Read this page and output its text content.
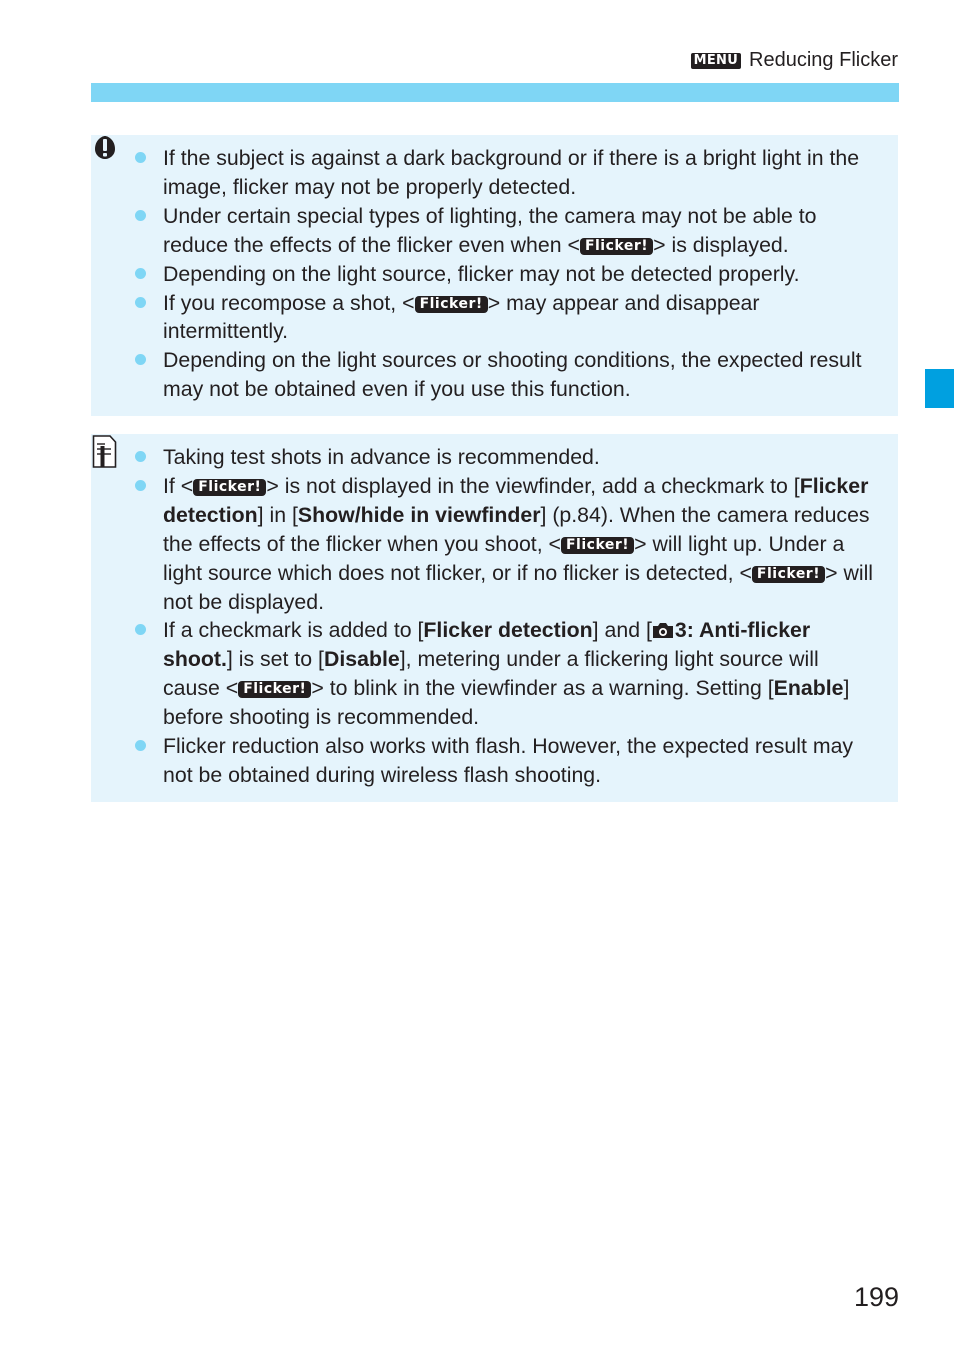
MENU Reducing Flicker
If the subject is against a dark background or if there is a bright light in the image, flicker may not be properly detected.
Under certain special types of lighting, the camera may not be able to reduce the effects of the flicker even when < Flicker! > is displayed.
Depending on the light source, flicker may not be detected properly.
If you recompose a shot, < Flicker! > may appear and disappear intermittently.
Depending on the light sources or shooting conditions, the expected result may not be obtained even if you use this function.
Taking test shots in advance is recommended.
If < Flicker! > is not displayed in the viewfinder, add a checkmark to [Flicker detection] in [Show/hide in viewfinder] (p.84). When the camera reduces the effects of the flicker when you shoot, < Flicker! > will light up. Under a light source which does not flicker, or if no flicker is detected, < Flicker! > will not be displayed.
If a checkmark is added to [Flicker detection] and [ 3: Anti-flicker shoot.] is set to [Disable], metering under a flickering light source will cause < Flicker! > to blink in the viewfinder as a warning. Setting [Enable] before shooting is recommended.
Flicker reduction also works with flash. However, the expected result may not be obtained during wireless flash shooting.
199
